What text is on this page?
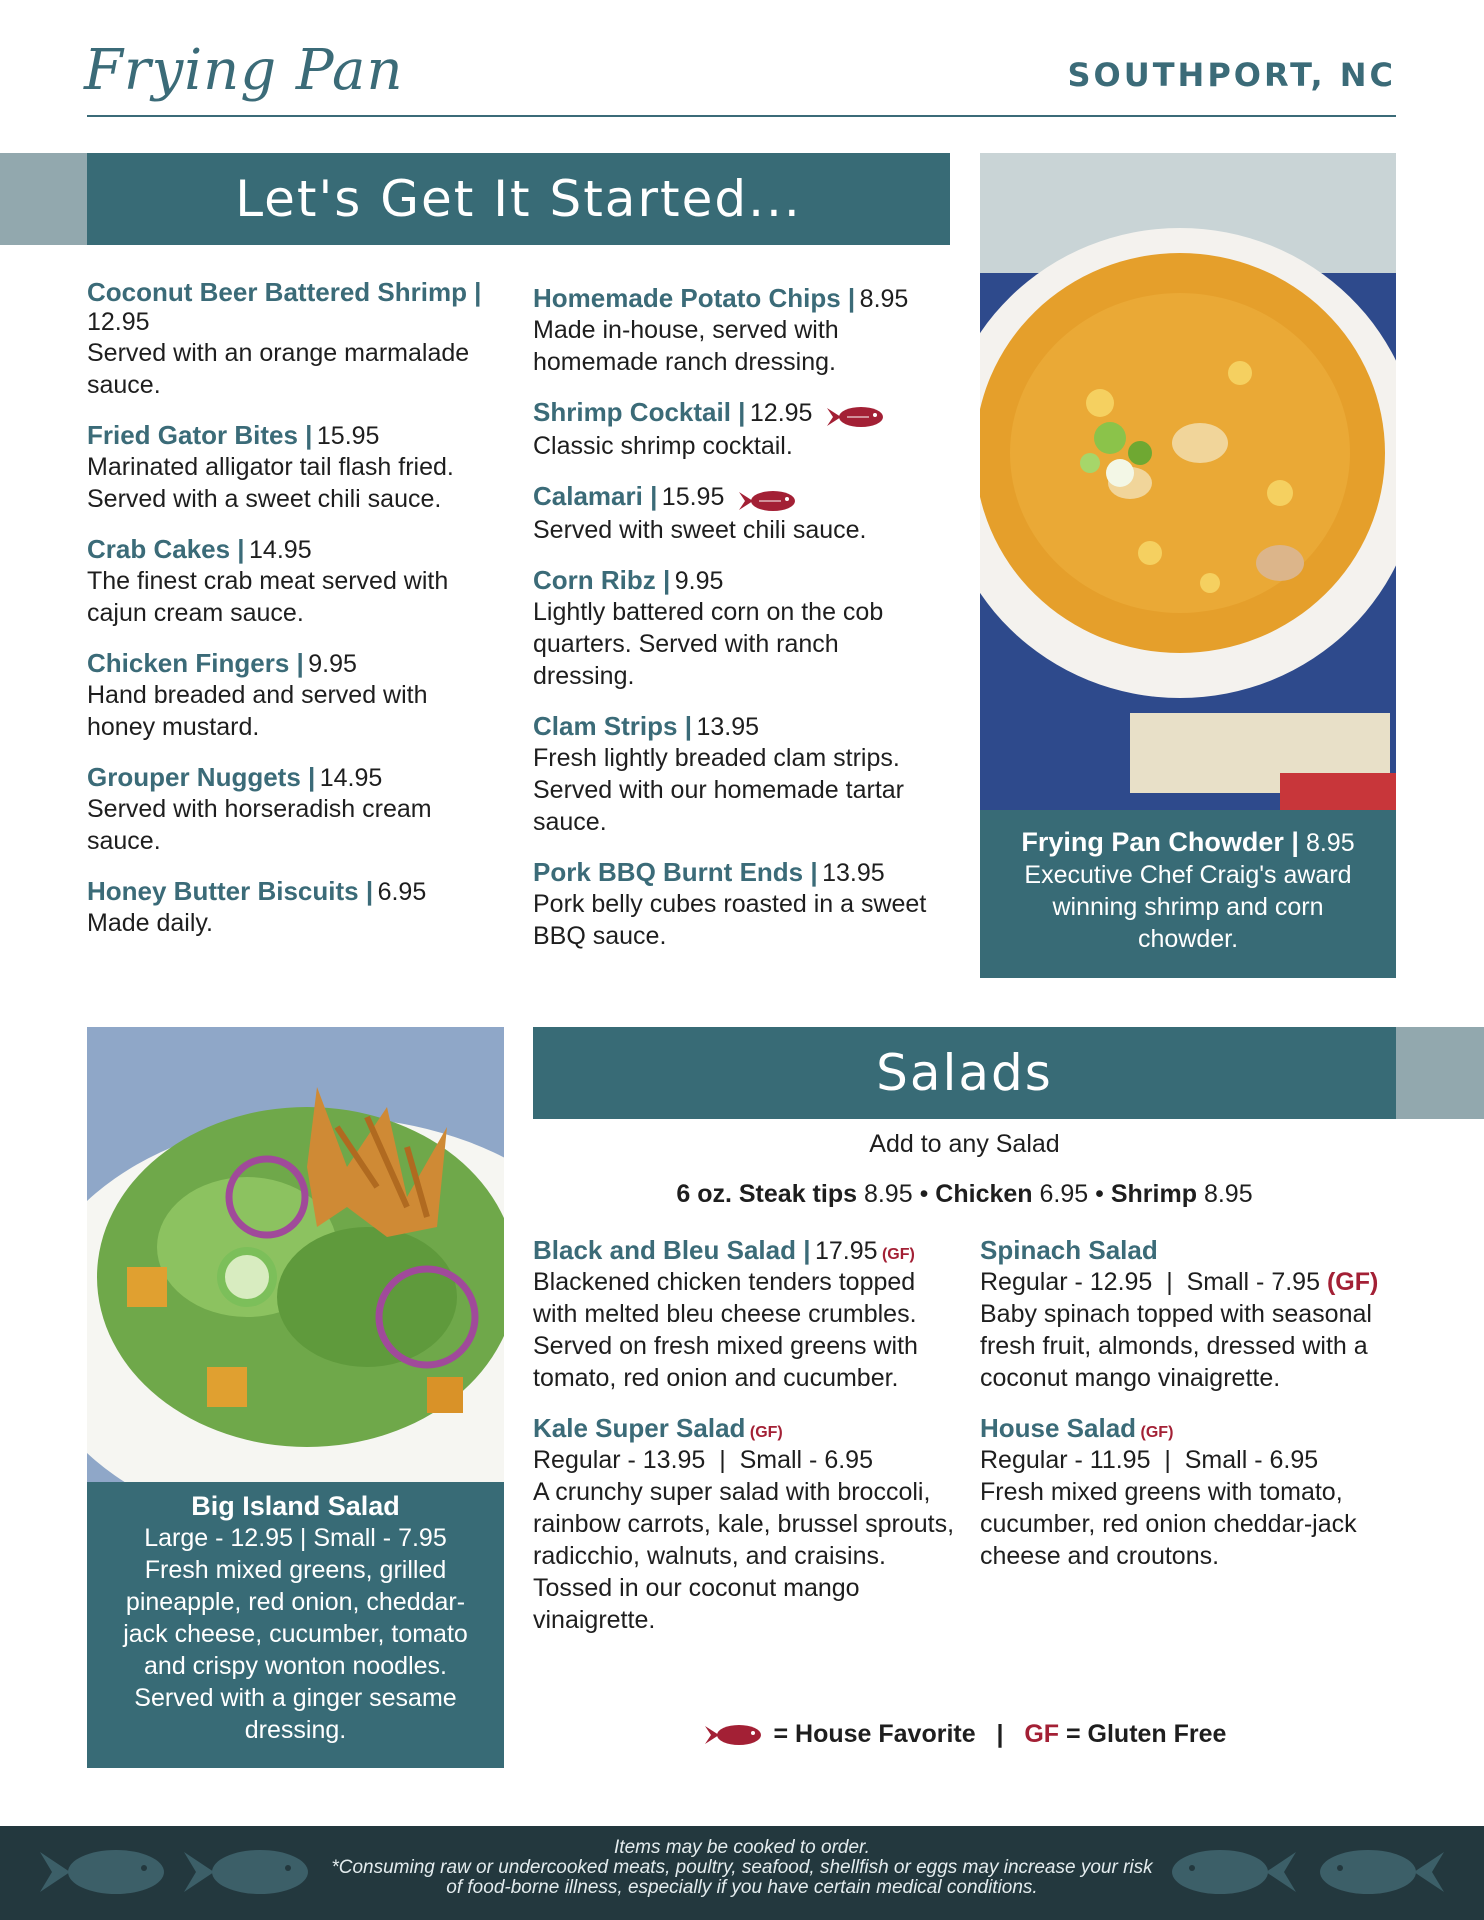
Frying Pan	SOUTHPORT, NC
Let's Get It Started...
Coconut Beer Battered Shrimp | 12.95
Served with an orange marmalade sauce.
Fried Gator Bites | 15.95
Marinated alligator tail flash fried. Served with a sweet chili sauce.
Crab Cakes | 14.95
The finest crab meat served with cajun cream sauce.
Chicken Fingers | 9.95
Hand breaded and served with honey mustard.
Grouper Nuggets | 14.95
Served with horseradish cream sauce.
Honey Butter Biscuits | 6.95
Made daily.
Homemade Potato Chips | 8.95
Made in-house, served with homemade ranch dressing.
Shrimp Cocktail | 12.95
Classic shrimp cocktail.
Calamari | 15.95
Served with sweet chili sauce.
Corn Ribz | 9.95
Lightly battered corn on the cob quarters. Served with ranch dressing.
Clam Strips | 13.95
Fresh lightly breaded clam strips. Served with our homemade tartar sauce.
Pork BBQ Burnt Ends | 13.95
Pork belly cubes roasted in a sweet BBQ sauce.
Frying Pan Chowder | 8.95
Executive Chef Craig's award winning shrimp and corn chowder.
Big Island Salad
Large - 12.95 | Small - 7.95
Fresh mixed greens, grilled pineapple, red onion, cheddar-jack cheese, cucumber, tomato and crispy wonton noodles. Served with a ginger sesame dressing.
Salads
Add to any Salad
6 oz. Steak tips 8.95 • Chicken 6.95 • Shrimp 8.95
Black and Bleu Salad | 17.95 (GF)
Blackened chicken tenders topped with melted bleu cheese crumbles. Served on fresh mixed greens with tomato, red onion and cucumber.
Kale Super Salad (GF)
Regular - 13.95  |  Small - 6.95
A crunchy super salad with broccoli, rainbow carrots, kale, brussel sprouts, radicchio, walnuts, and craisins. Tossed in our coconut mango vinaigrette.
Spinach Salad
Regular - 12.95  |  Small - 7.95 (GF)
Baby spinach topped with seasonal fresh fruit, almonds, dressed with a coconut mango vinaigrette.
House Salad (GF)
Regular - 11.95  |  Small - 6.95
Fresh mixed greens with tomato, cucumber, red onion cheddar-jack cheese and croutons.
= House Favorite | GF = Gluten Free
Items may be cooked to order.
*Consuming raw or undercooked meats, poultry, seafood, shellfish or eggs may increase your risk
of food-borne illness, especially if you have certain medical conditions.
